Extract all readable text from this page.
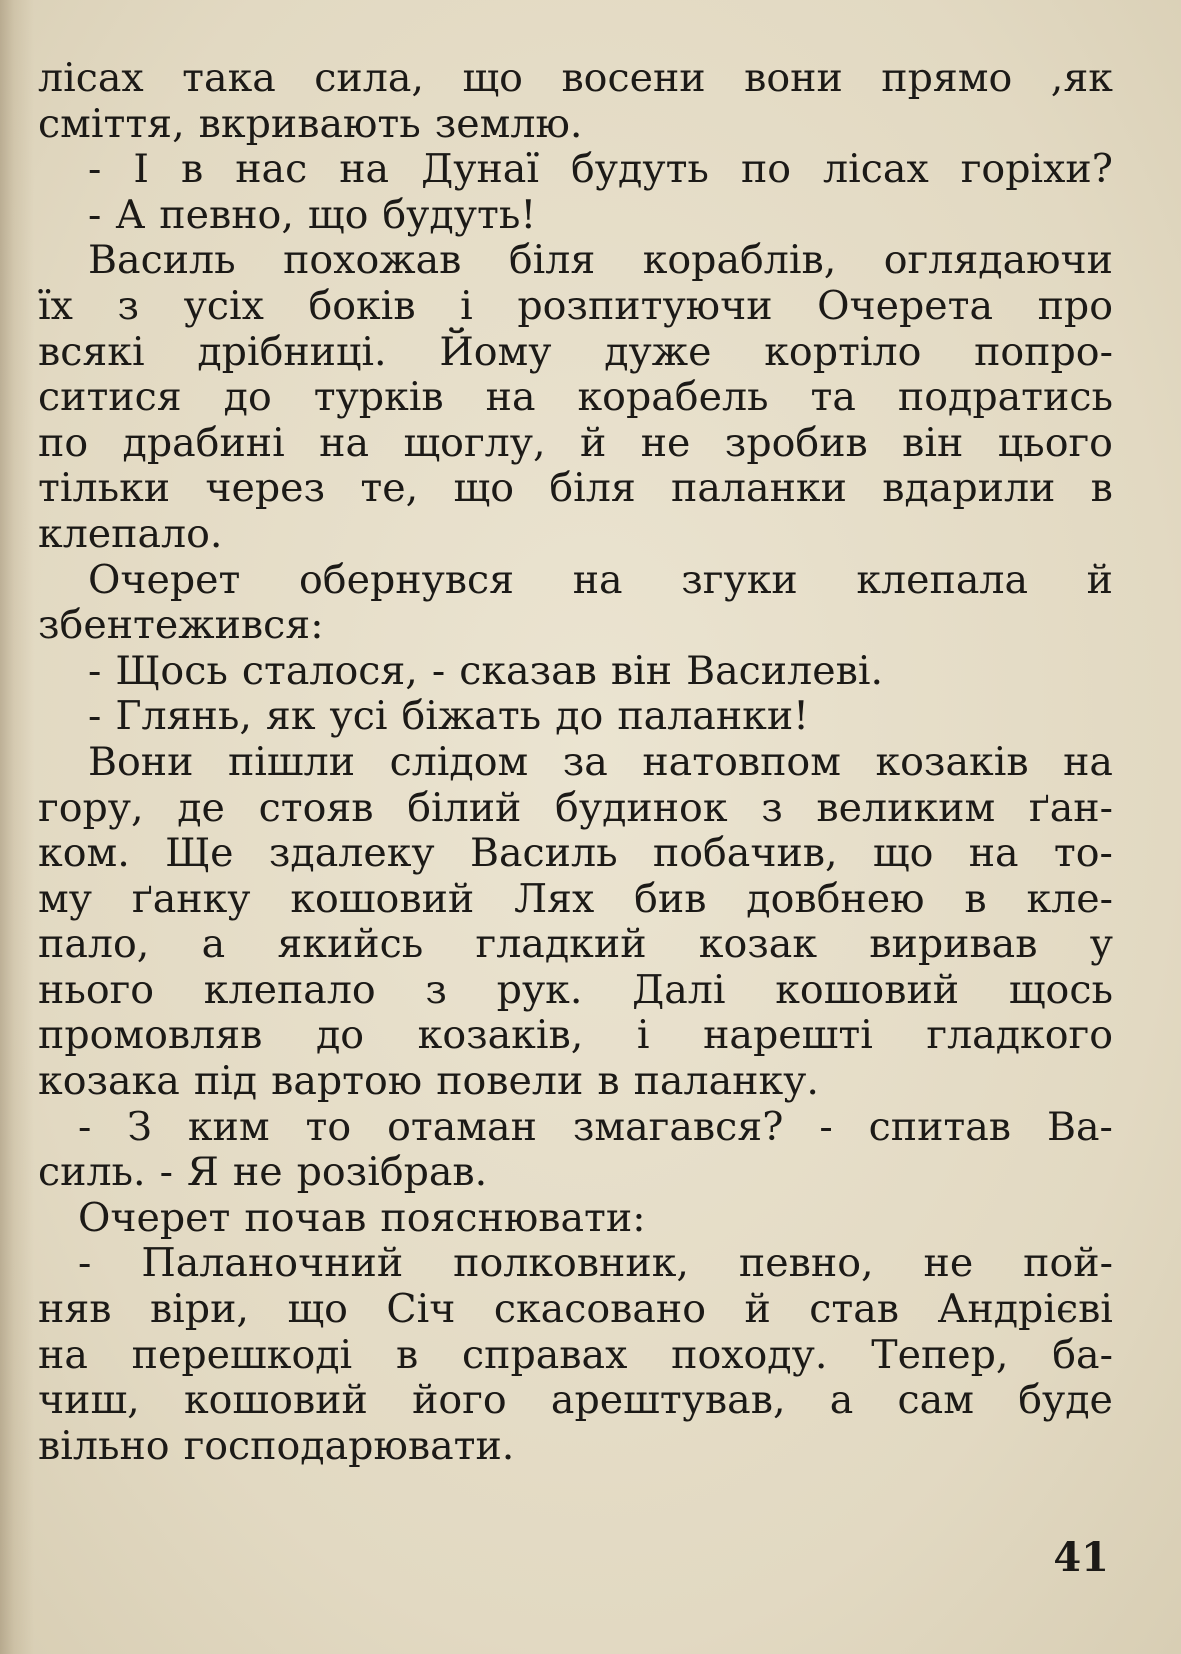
лісах така сила, що восени вони прямо ,як
сміття, вкривають землю.
- І в нас на Дунаї будуть по лісах горіхи?
- А певно, що будуть!
Василь похожав біля кораблів, оглядаючи
їх з усіх боків і розпитуючи Очерета про
всякі дрібниці. Йому дуже кортіло попро-
ситися до турків на корабель та подратись
по драбині на щоглу, й не зробив він цього
тільки через те, що біля паланки вдарили в
клепало.
Очерет обернувся на згуки клепала й
збентежився:
- Щось сталося, - сказав він Василеві.
- Глянь, як усі біжать до паланки!
Вони пішли слідом за натовпом козаків на
гору, де стояв білий будинок з великим ґан-
ком. Ще здалеку Василь побачив, що на то-
му ґанку кошовий Лях бив довбнею в кле-
пало, а якийсь гладкий козак виривав у
нього клепало з рук. Далі кошовий щось
промовляв до козаків, і нарешті гладкого
козака під вартою повели в паланку.
- З ким то отаман змагався? - спитав Ва-
силь. - Я не розібрав.
Очерет почав пояснювати:
- Паланочний полковник, певно, не пой-
няв віри, що Січ скасовано й став Андрієві
на перешкоді в справах походу. Тепер, ба-
чиш, кошовий його арештував, а сам буде
вільно господарювати.
41
